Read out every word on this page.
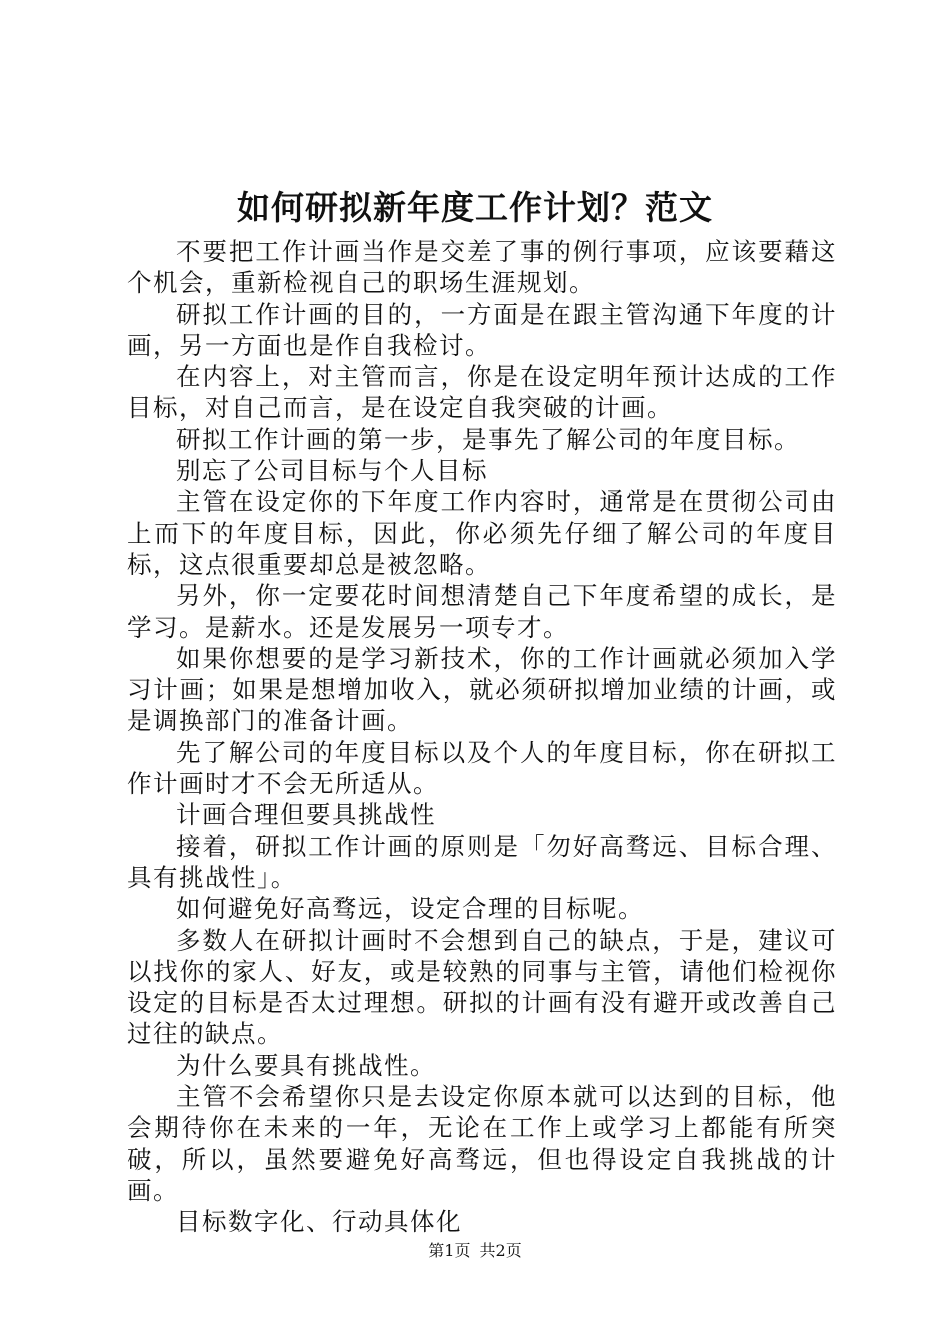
如何研拟新年度工作计划？范文

不要把工作计画当作是交差了事的例行事项，应该要藉这个机会，重新检视自己的职场生涯规划。

研拟工作计画的目的，一方面是在跟主管沟通下年度的计画，另一方面也是作自我检讨。

在内容上，对主管而言，你是在设定明年预计达成的工作目标，对自己而言，是在设定自我突破的计画。

研拟工作计画的第一步，是事先了解公司的年度目标。

别忘了公司目标与个人目标

主管在设定你的下年度工作内容时，通常是在贯彻公司由上而下的年度目标，因此，你必须先仔细了解公司的年度目标，这点很重要却总是被忽略。

另外，你一定要花时间想清楚自己下年度希望的成长，是学习。是薪水。还是发展另一项专才。

如果你想要的是学习新技术，你的工作计画就必须加入学习计画；如果是想增加收入，就必须研拟增加业绩的计画，或是调换部门的准备计画。

先了解公司的年度目标以及个人的年度目标，你在研拟工作计画时才不会无所适从。

计画合理但要具挑战性

接着，研拟工作计画的原则是「勿好高骛远、目标合理、具有挑战性」。

如何避免好高骛远，设定合理的目标呢。

多数人在研拟计画时不会想到自己的缺点，于是，建议可以找你的家人、好友，或是较熟的同事与主管，请他们检视你设定的目标是否太过理想。研拟的计画有没有避开或改善自己过往的缺点。

为什么要具有挑战性。

主管不会希望你只是去设定你原本就可以达到的目标，他会期待你在未来的一年，无论在工作上或学习上都能有所突破，所以，虽然要避免好高骛远，但也得设定自我挑战的计画。

目标数字化、行动具体化

第1页 共2页
